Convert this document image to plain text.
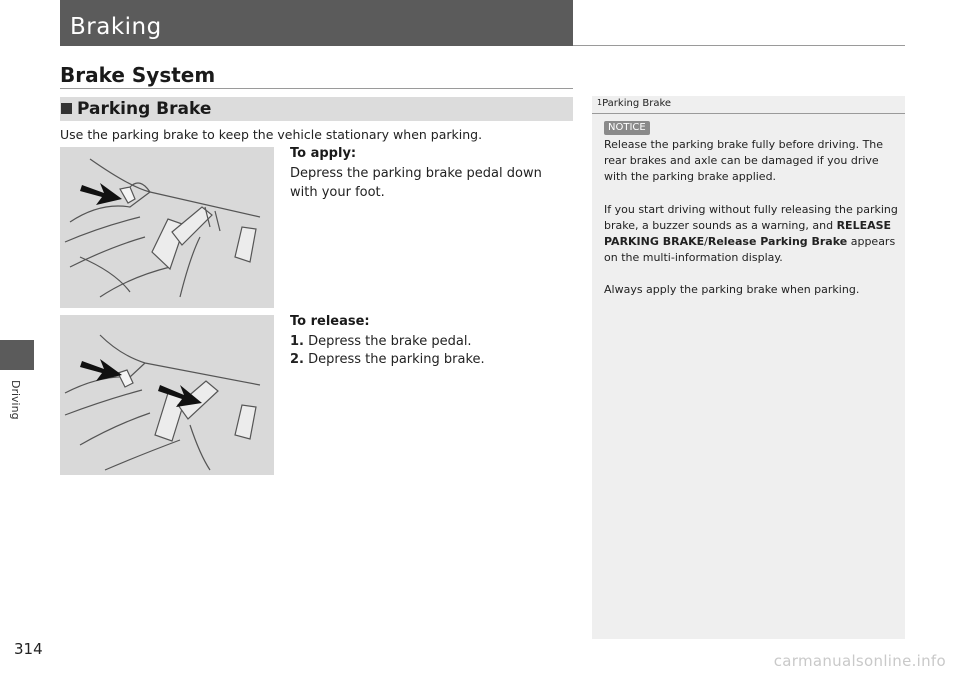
Braking
Driving
314
Brake System
Parking Brake
Use the parking brake to keep the vehicle stationary when parking.
To apply:
Depress the parking brake pedal down with your foot.
To release:
1. Depress the brake pedal.
2. Depress the parking brake.
$^1$Parking Brake
NOTICE
Release the parking brake fully before driving. The rear brakes and axle can be damaged if you drive with the parking brake applied.
If you start driving without fully releasing the parking brake, a buzzer sounds as a warning, and RELEASE PARKING BRAKE/Release Parking Brake appears on the multi-information display.
Always apply the parking brake when parking.
carmanualsonline.info
